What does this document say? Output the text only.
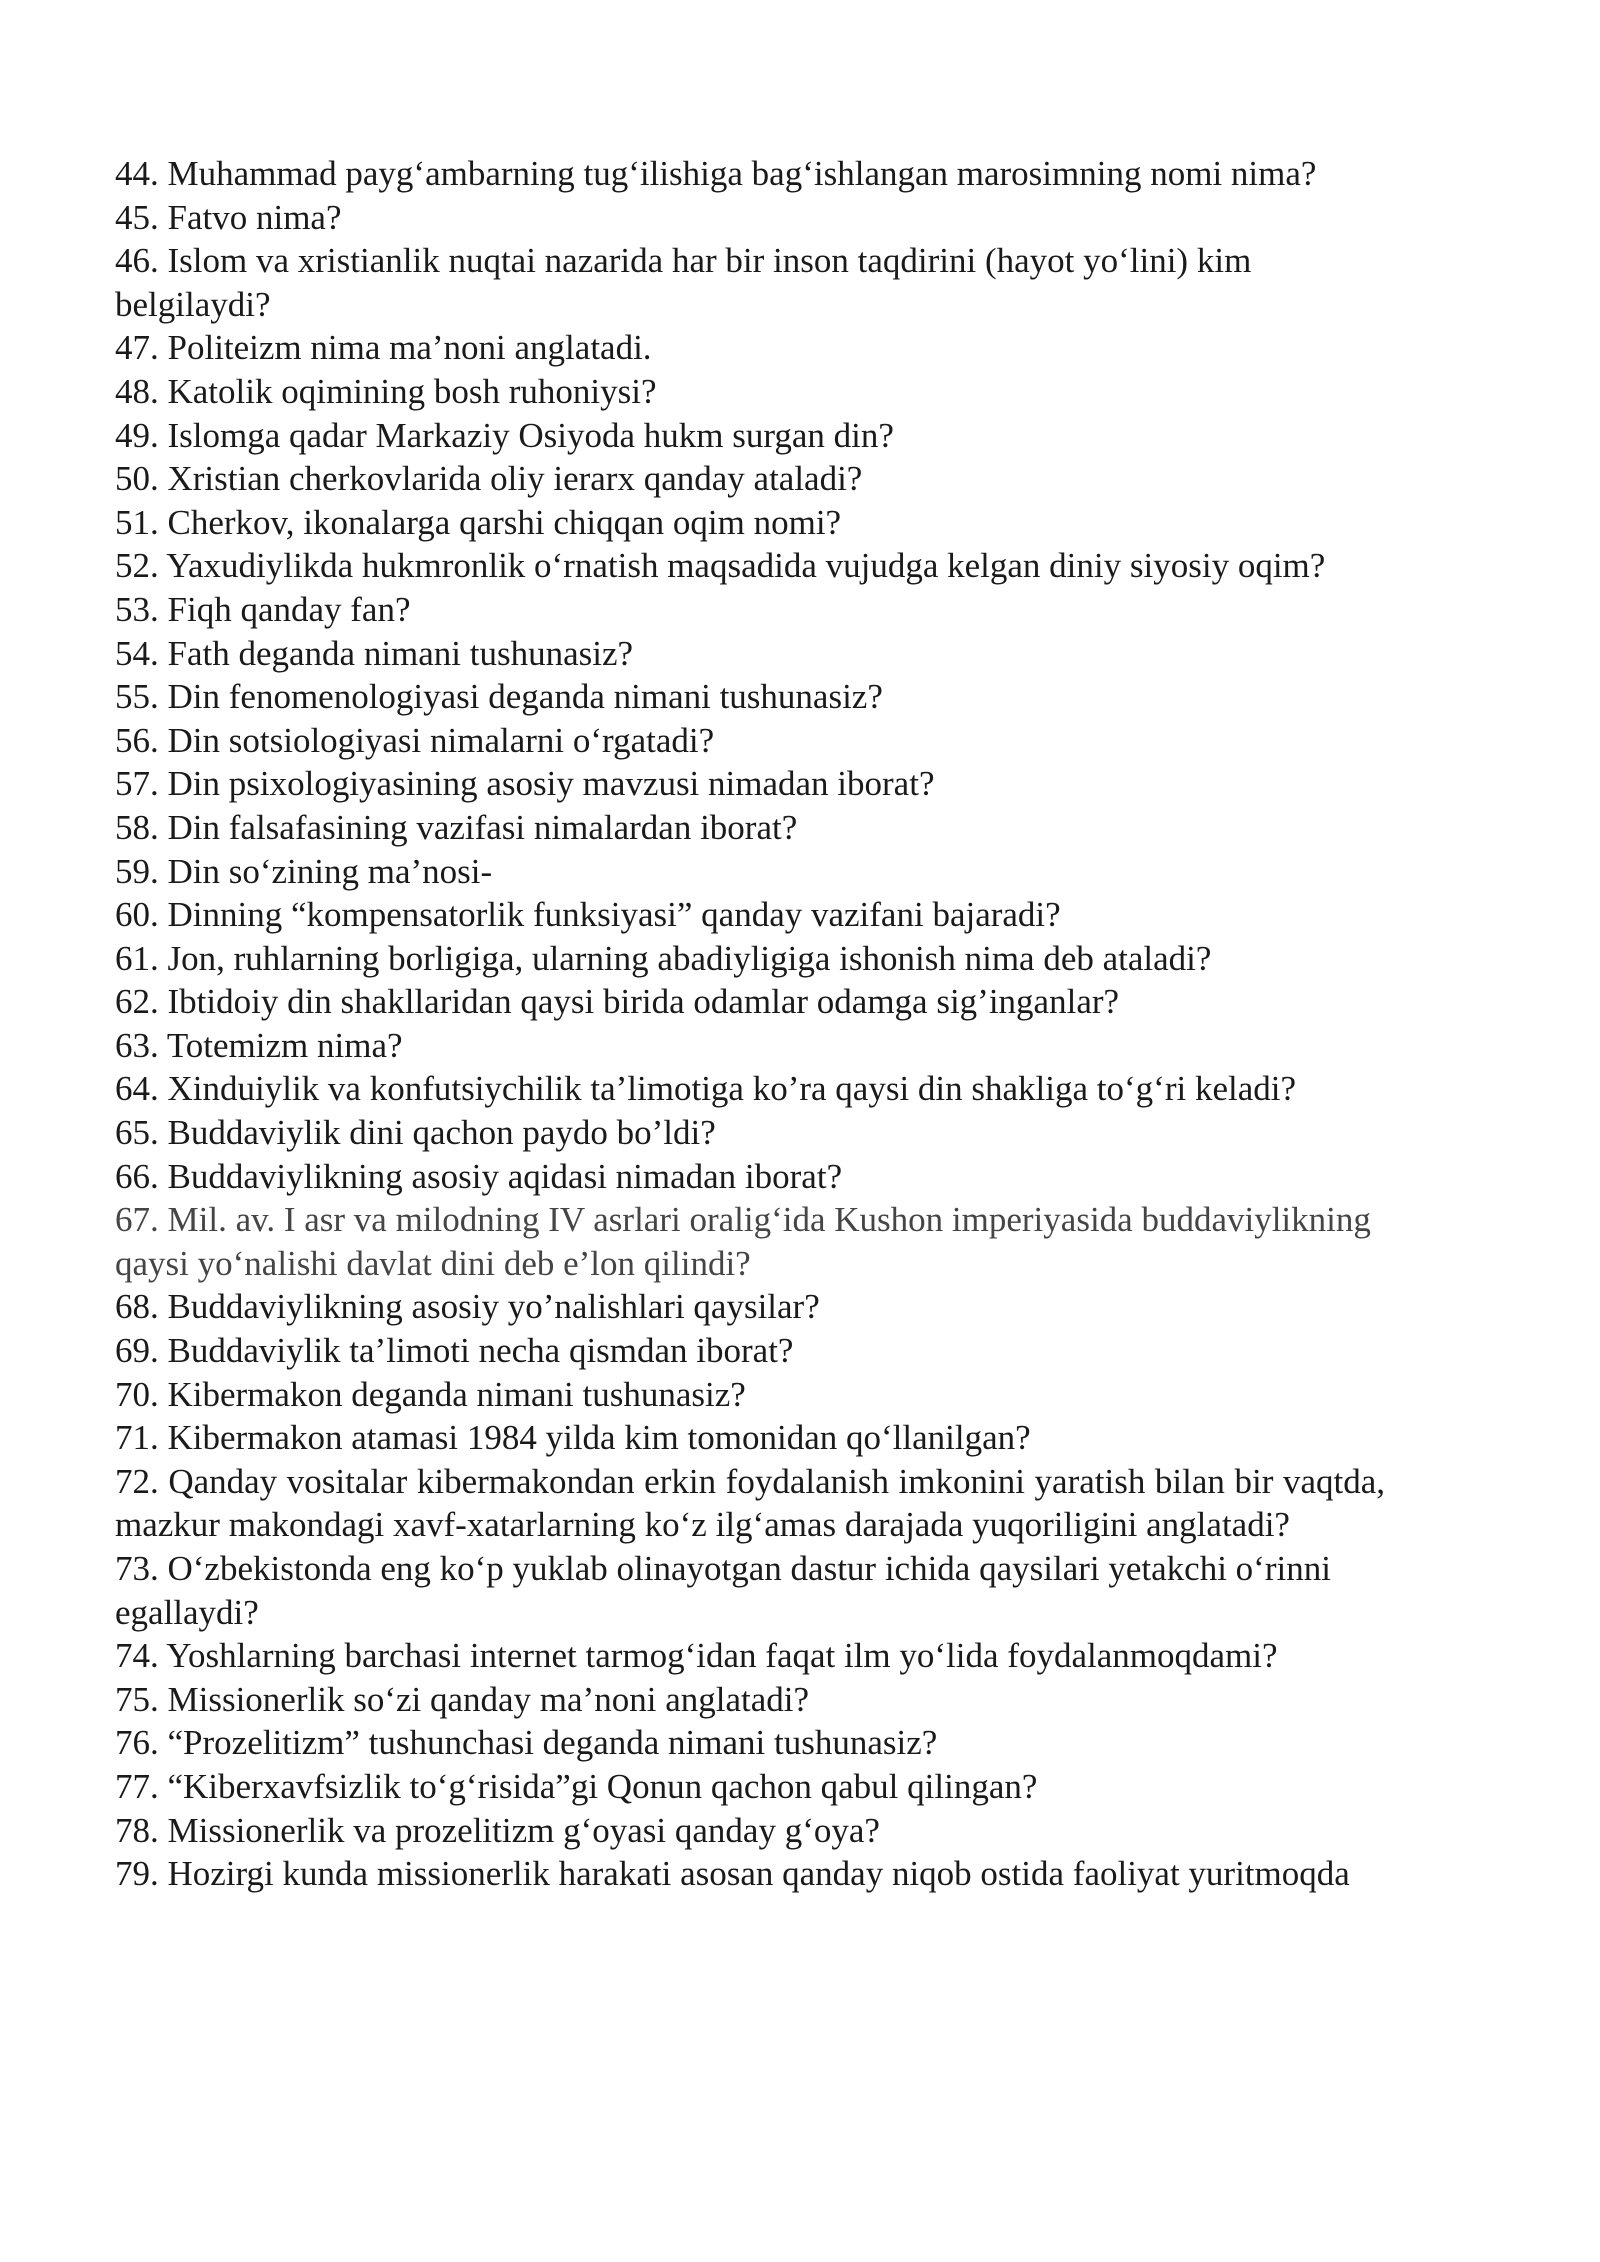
44. Muhammad payg‘ambarning tug‘ilishiga bag‘ishlangan marosimning nomi nima?

45. Fatvo nima?

46. Islom va xristianlik nuqtai nazarida har bir inson taqdirini (hayot yo‘lini) kim belgilaydi?

47. Politeizm nima ma’noni anglatadi.

48. Katolik oqimining bosh ruhoniysi?

49. Islomga qadar Markaziy Osiyoda hukm surgan din?

50. Xristian cherkovlarida oliy ierarx qanday ataladi?

51. Cherkov, ikonalarga qarshi chiqqan oqim nomi?

52. Yaxudiylikda hukmronlik o‘rnatish maqsadida vujudga kelgan diniy siyosiy oqim?

53. Fiqh qanday fan?

54. Fath deganda nimani tushunasiz?

55. Din fenomenologiyasi deganda nimani tushunasiz?

56. Din sotsiologiyasi nimalarni o‘rgatadi?

57. Din psixologiyasining asosiy mavzusi nimadan iborat?

58. Din falsafasining vazifasi nimalardan iborat?

59. Din so‘zining ma’nosi-

60. Dinning “kompensatorlik funksiyasi” qanday vazifani bajaradi?

61. Jon, ruhlarning borligiga, ularning abadiyligiga ishonish nima deb ataladi?

62. Ibtidoiy din shakllaridan qaysi birida odamlar odamga sig’inganlar?

63. Totemizm nima?

64. Xinduiylik va konfutsiychilik ta’limotiga ko’ra qaysi din shakliga to‘g‘ri keladi?

65. Buddaviylik dini qachon paydo bo’ldi?

66. Buddaviylikning asosiy aqidasi nimadan iborat?

67. Mil. av. I asr va milodning IV asrlari oralig‘ida Kushon imperiyasida buddaviylikning qaysi yo‘nalishi davlat dini deb e’lon qilindi?

68. Buddaviylikning asosiy yo’nalishlari qaysilar?

69. Buddaviylik ta’limoti necha qismdan iborat?

70. Kibermakon deganda nimani tushunasiz?

71. Kibermakon atamasi 1984 yilda kim tomonidan qo‘llanilgan?

72. Qanday vositalar kibermakondan erkin foydalanish imkonini yaratish bilan bir vaqtda, mazkur makondagi xavf-xatarlarning ko‘z ilg‘amas darajada yuqoriligini anglatadi?

73. O‘zbekistonda eng ko‘p yuklab olinayotgan dastur ichida qaysilari yetakchi o‘rinni egallaydi?

74. Yoshlarning barchasi internet tarmog‘idan faqat ilm yo‘lida foydalanmoqdami?

75. Missionerlik so‘zi qanday ma’noni anglatadi?

76. “Prozelitizm” tushunchasi deganda nimani tushunasiz?

77. “Kiberxavfsizlik to‘g‘risida”gi Qonun qachon qabul qilingan?

78. Missionerlik va prozelitizm g‘oyasi qanday g‘oya?

79. Hozirgi kunda missionerlik harakati asosan qanday niqob ostida faoliyat yuritmoqda
